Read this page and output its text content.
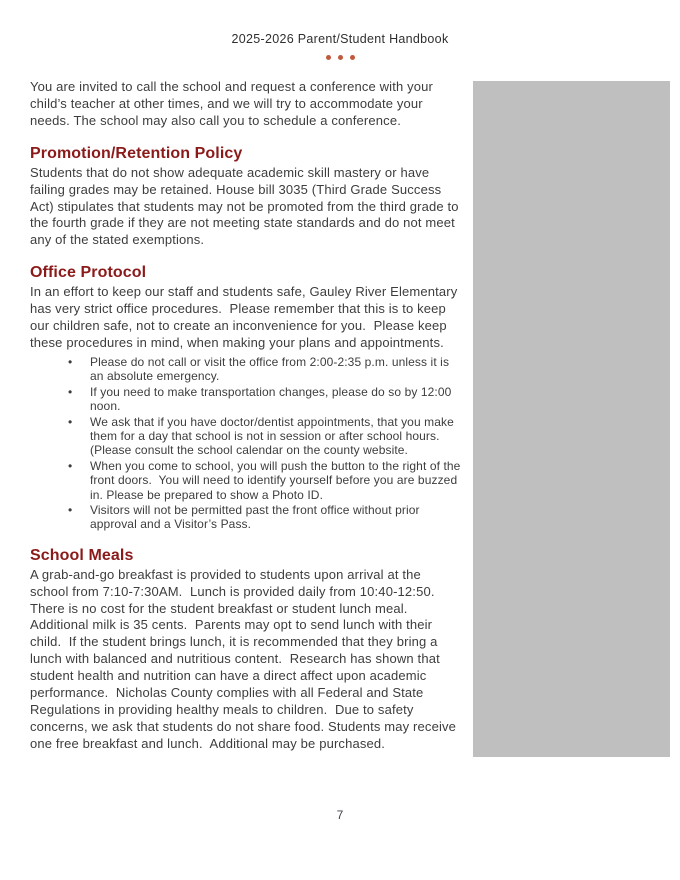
2025-2026 Parent/Student Handbook

You are invited to call the school and request a conference with your child’s teacher at other times, and we will try to accommodate your needs. The school may also call you to schedule a conference.

Promotion/Retention Policy

Students that do not show adequate academic skill mastery or have failing grades may be retained. House bill 3035 (Third Grade Success Act) stipulates that students may not be promoted from the third grade to the fourth grade if they are not meeting state standards and do not meet any of the stated exemptions.

Office Protocol

In an effort to keep our staff and students safe, Gauley River Elementary has very strict office procedures.  Please remember that this is to keep our children safe, not to create an inconvenience for you.  Please keep these procedures in mind, when making your plans and appointments.

• Please do not call or visit the office from 2:00-2:35 p.m. unless it is an absolute emergency.
• If you need to make transportation changes, please do so by 12:00 noon.
• We ask that if you have doctor/dentist appointments, that you make them for a day that school is not in session or after school hours. (Please consult the school calendar on the county website.
• When you come to school, you will push the button to the right of the front doors.  You will need to identify yourself before you are buzzed in. Please be prepared to show a Photo ID.
• Visitors will not be permitted past the front office without prior approval and a Visitor’s Pass.
School Meals

A grab-and-go breakfast is provided to students upon arrival at the school from 7:10-7:30AM.  Lunch is provided daily from 10:40-12:50. There is no cost for the student breakfast or student lunch meal. Additional milk is 35 cents.  Parents may opt to send lunch with their child.  If the student brings lunch, it is recommended that they bring a lunch with balanced and nutritious content.  Research has shown that student health and nutrition can have a direct affect upon academic performance.  Nicholas County complies with all Federal and State Regulations in providing healthy meals to children.  Due to safety concerns, we ask that students do not share food. Students may receive one free breakfast and lunch.  Additional may be purchased.

7
